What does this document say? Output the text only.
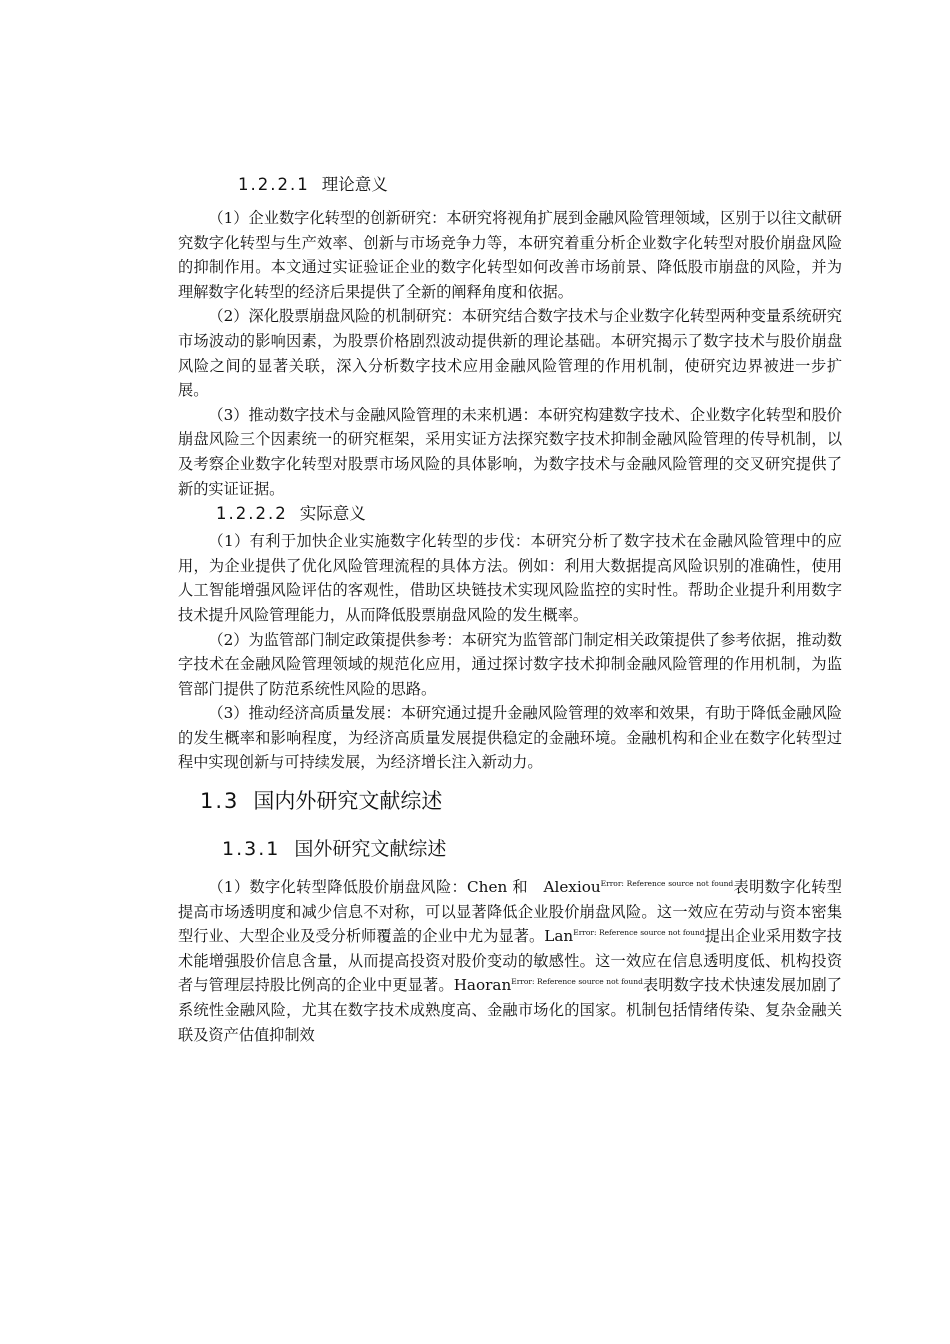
1.2.2.1 理论意义

（1）企业数字化转型的创新研究：本研究将视角扩展到金融风险管理领域，区别于以往文献研究数字化转型与生产效率、创新与市场竞争力等，本研究着重分析企业数字化转型对股价崩盘风险的抑制作用。本文通过实证验证企业的数字化转型如何改善市场前景、降低股市崩盘的风险，并为理解数字化转型的经济后果提供了全新的阐释角度和依据。

（2）深化股票崩盘风险的机制研究：本研究结合数字技术与企业数字化转型两种变量系统研究市场波动的影响因素，为股票价格剧烈波动提供新的理论基础。本研究揭示了数字技术与股价崩盘风险之间的显著关联，深入分析数字技术应用金融风险管理的作用机制，使研究边界被进一步扩展。

（3）推动数字技术与金融风险管理的未来机遇：本研究构建数字技术、企业数字化转型和股价崩盘风险三个因素统一的研究框架，采用实证方法探究数字技术抑制金融风险管理的传导机制，以及考察企业数字化转型对股票市场风险的具体影响，为数字技术与金融风险管理的交叉研究提供了新的实证证据。

1.2.2.2 实际意义

（1）有利于加快企业实施数字化转型的步伐：本研究分析了数字技术在金融风险管理中的应用，为企业提供了优化风险管理流程的具体方法。例如：利用大数据提高风险识别的准确性，使用人工智能增强风险评估的客观性，借助区块链技术实现风险监控的实时性。帮助企业提升利用数字技术提升风险管理能力，从而降低股票崩盘风险的发生概率。

（2）为监管部门制定政策提供参考：本研究为监管部门制定相关政策提供了参考依据，推动数字技术在金融风险管理领域的规范化应用，通过探讨数字技术抑制金融风险管理的作用机制，为监管部门提供了防范系统性风险的思路。

（3）推动经济高质量发展：本研究通过提升金融风险管理的效率和效果，有助于降低金融风险的发生概率和影响程度，为经济高质量发展提供稳定的金融环境。金融机构和企业在数字化转型过程中实现创新与可持续发展，为经济增长注入新动力。

1.3 国内外研究文献综述
1.3.1 国外研究文献综述

（1）数字化转型降低股价崩盘风险：Chen 和　Alexiou$^{Error: Reference source not found}$表明数字化转型提高市场透明度和减少信息不对称，可以显著降低企业股价崩盘风险。这一效应在劳动与资本密集型行业、大型企业及受分析师覆盖的企业中尤为显著。Lan$^{Error: Reference source not found}$提出企业采用数字技术能增强股价信息含量，从而提高投资对股价变动的敏感性。这一效应在信息透明度低、机构投资者与管理层持股比例高的企业中更显著。Haoran$^{Error: Reference source not found}$表明数字技术快速发展加剧了系统性金融风险，尤其在数字技术成熟度高、金融市场化的国家。机制包括情绪传染、复杂金融关联及资产估值抑制效
